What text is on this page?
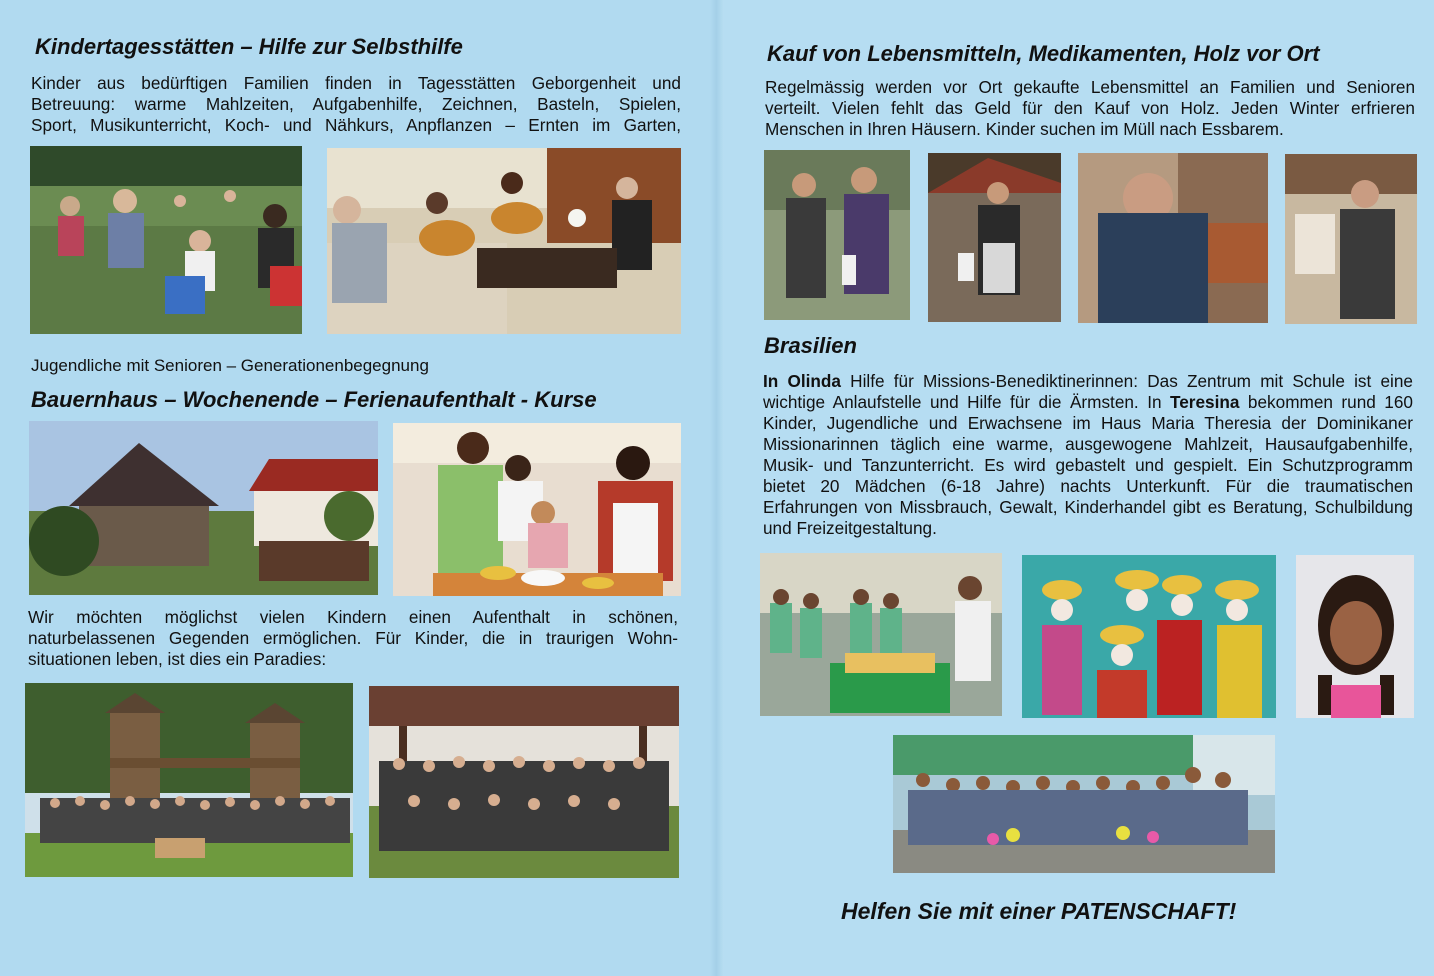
Kindertagesstätten – Hilfe zur Selbsthilfe

Kinder aus bedürftigen Familien finden in Tagesstätten Geborgenheit und

Betreuung: warme Mahlzeiten, Aufgabenhilfe, Zeichnen, Basteln, Spielen,

Sport, Musikunterricht, Koch- und Nähkurs, Anpflanzen – Ernten im Garten,

Jugendliche mit Senioren – Generationenbegegnung
Bauernhaus – Wochenende – Ferienaufenthalt - Kurse

Wir möchten möglichst vielen Kindern einen Aufenthalt in schönen,

naturbelassenen Gegenden ermöglichen. Für Kinder, die in traurigen Wohn-

situationen leben, ist dies ein Paradies:

Kauf von Lebensmitteln, Medikamenten, Holz vor Ort

Regelmässig werden vor Ort gekaufte Lebensmittel an Familien und Senioren

verteilt. Vielen fehlt das Geld für den Kauf von Holz. Jeden Winter erfrieren

Menschen in Ihren Häusern. Kinder suchen im Müll nach Essbarem.

Brasilien

In Olinda Hilfe für Missions-Benediktinerinnen: Das Zentrum mit Schule ist eine wichtige Anlaufstelle und Hilfe für die Ärmsten. In Teresina bekommen rund 160 Kinder, Jugendliche und Erwachsene im Haus Maria Theresia der Dominikaner Missionarinnen täglich eine warme, ausgewogene Mahlzeit, Hausaufgabenhilfe, Musik- und Tanzunterricht. Es wird gebastelt und gespielt. Ein Schutzprogramm bietet 20 Mädchen (6-18 Jahre) nachts Unterkunft. Für die traumatischen Erfahrungen von Missbrauch, Gewalt, Kinderhandel gibt es Beratung, Schulbildung und Freizeitgestaltung.

Helfen Sie mit einer PATENSCHAFT!
